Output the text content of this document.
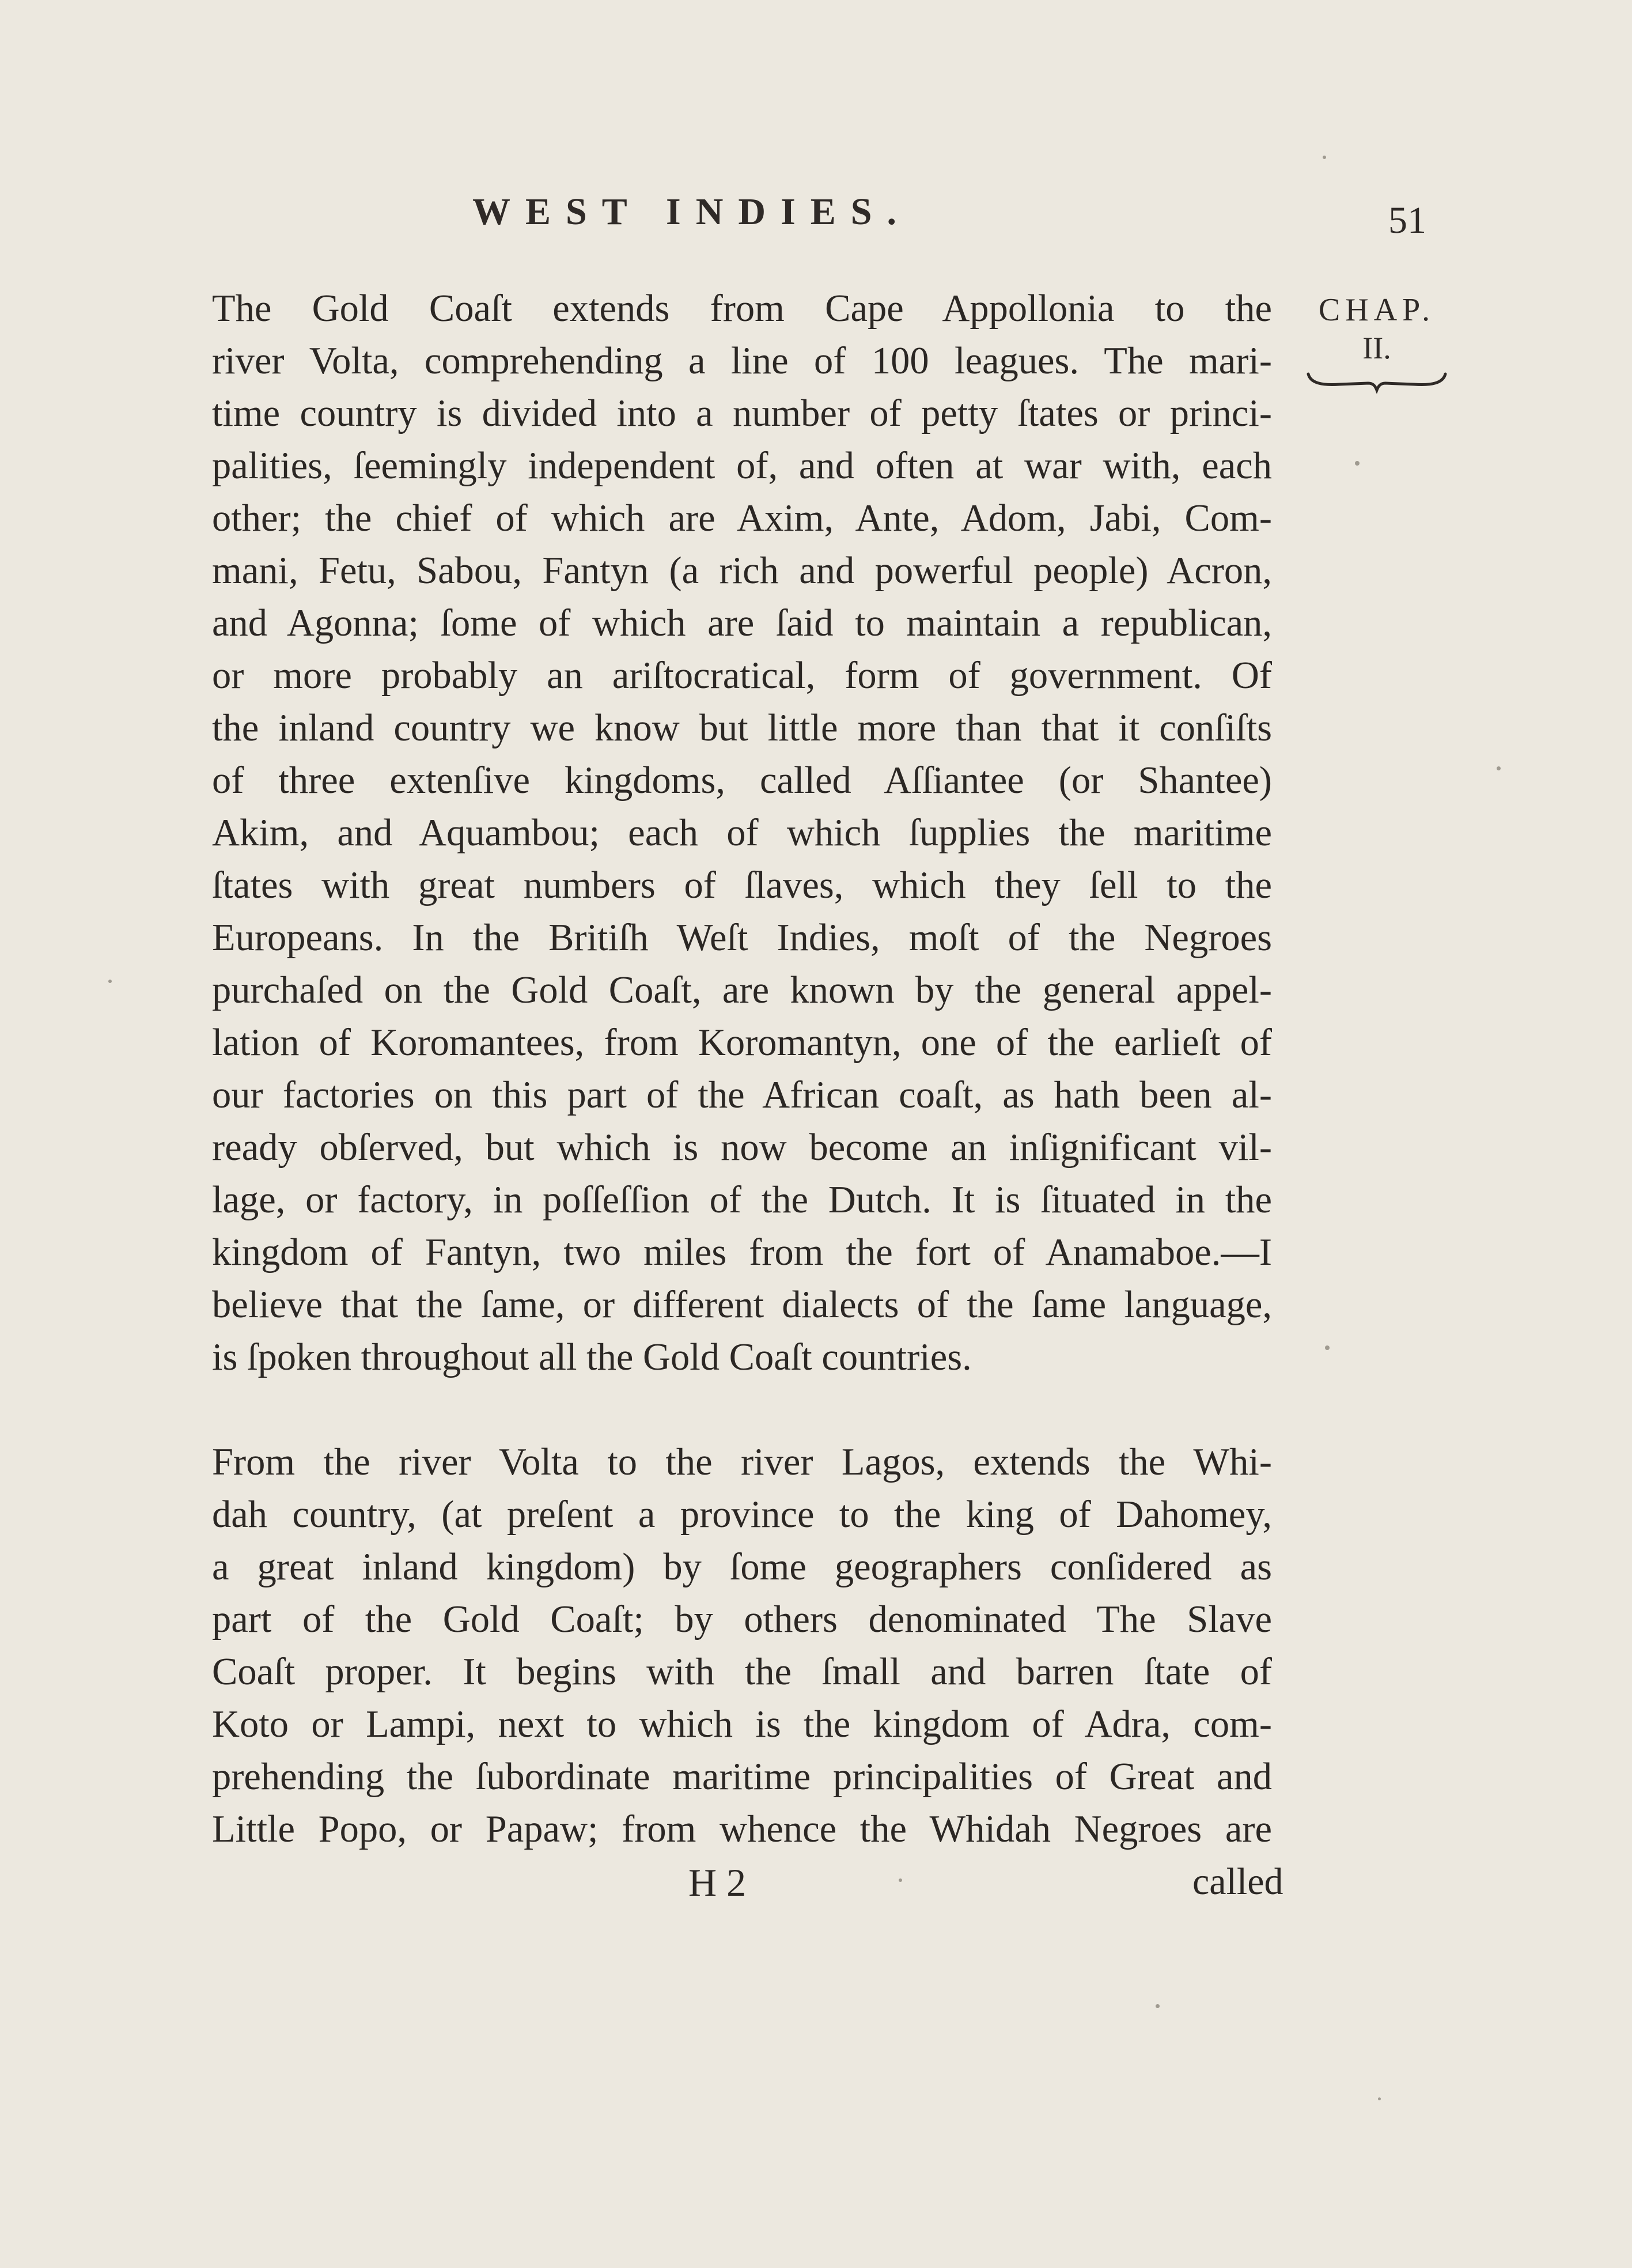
WEST INDIES.	51
CHAP.
II.
The Gold Coaſt extends from Cape Appollonia to the
river Volta, comprehending a line of 100 leagues. The mari-
time country is divided into a number of petty ſtates or princi-
palities, ſeemingly independent of, and often at war with, each
other; the chief of which are Axim, Ante, Adom, Jabi, Com-
mani, Fetu, Sabou, Fantyn (a rich and powerful people) Acron,
and Agonna; ſome of which are ſaid to maintain a republican,
or more probably an ariſtocratical, form of government. Of
the inland country we know but little more than that it conſiſts
of three extenſive kingdoms, called Aſſiantee (or Shantee)
Akim, and Aquambou; each of which ſupplies the maritime
ſtates with great numbers of ſlaves, which they ſell to the
Europeans. In the Britiſh Weſt Indies, moſt of the Negroes
purchaſed on the Gold Coaſt, are known by the general appel-
lation of Koromantees, from Koromantyn, one of the earlieſt of
our factories on this part of the African coaſt, as hath been al-
ready obſerved, but which is now become an inſignificant vil-
lage, or factory, in poſſeſſion of the Dutch. It is ſituated in the
kingdom of Fantyn, two miles from the fort of Anamaboe.—I
believe that the ſame, or different dialects of the ſame language,
is ſpoken throughout all the Gold Coaſt countries.
From the river Volta to the river Lagos, extends the Whi-
dah country, (at preſent a province to the king of Dahomey,
a great inland kingdom) by ſome geographers conſidered as
part of the Gold Coaſt; by others denominated The Slave
Coaſt proper. It begins with the ſmall and barren ſtate of
Koto or Lampi, next to which is the kingdom of Adra, com-
prehending the ſubordinate maritime principalities of Great and
Little Popo, or Papaw; from whence the Whidah Negroes are
H 2	called
